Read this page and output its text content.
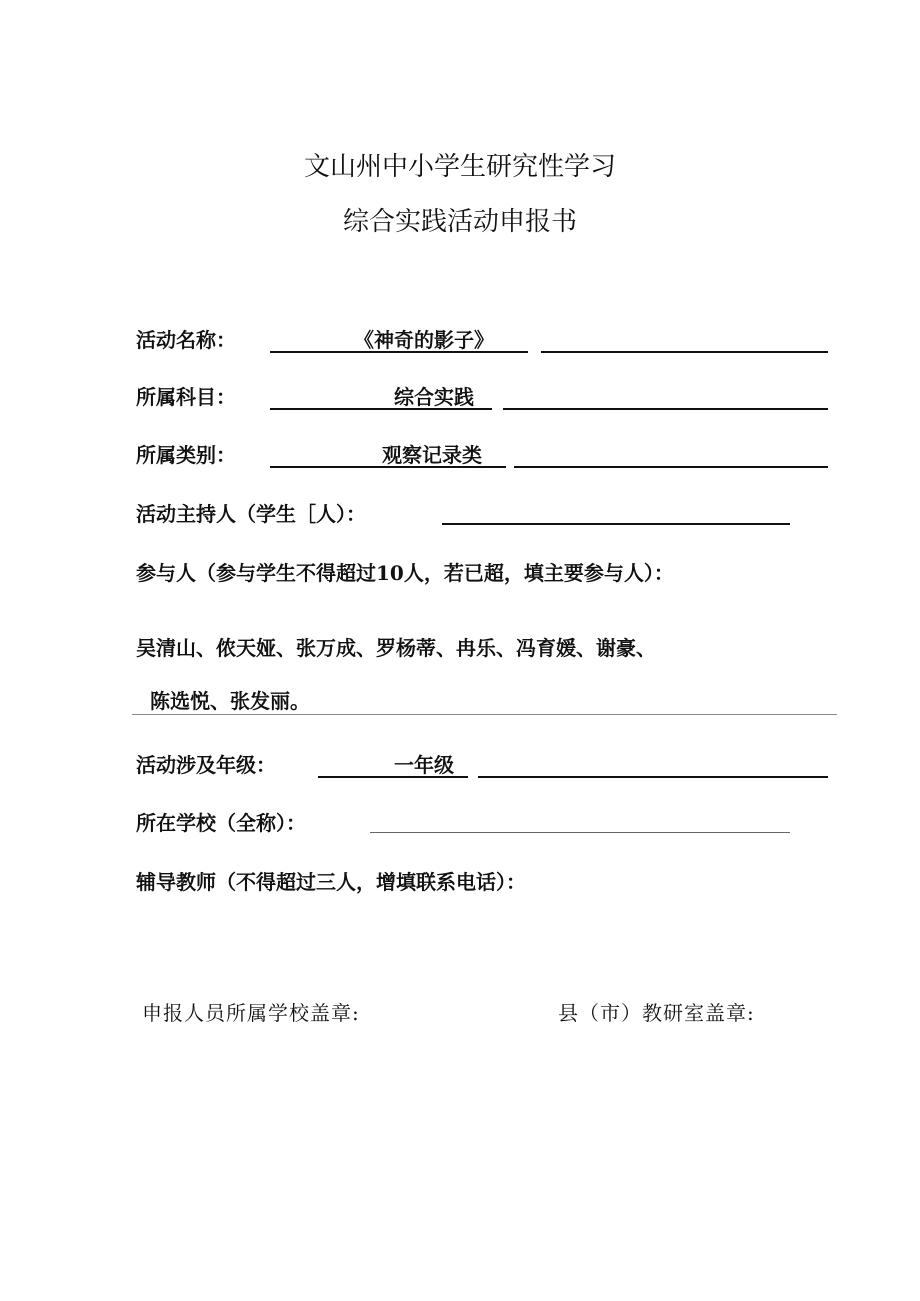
文山州中小学生研究性学习
综合实践活动申报书
活动名称：	《神奇的影子》
所属科目：	综合实践
所属类别：	观察记录类
活动主持人（学生［人）：
参与人（参与学生不得超过10人，若已超，填主要参与人）：
吴清山、侬天娅、张万成、罗杨蒂、冉乐、冯育媛、谢豪、
陈选悦、张发丽。
活动涉及年级：	一年级
所在学校（全称）：
辅导教师（不得超过三人，增填联系电话）：
申报人员所属学校盖章:	县（市）教研室盖章:
